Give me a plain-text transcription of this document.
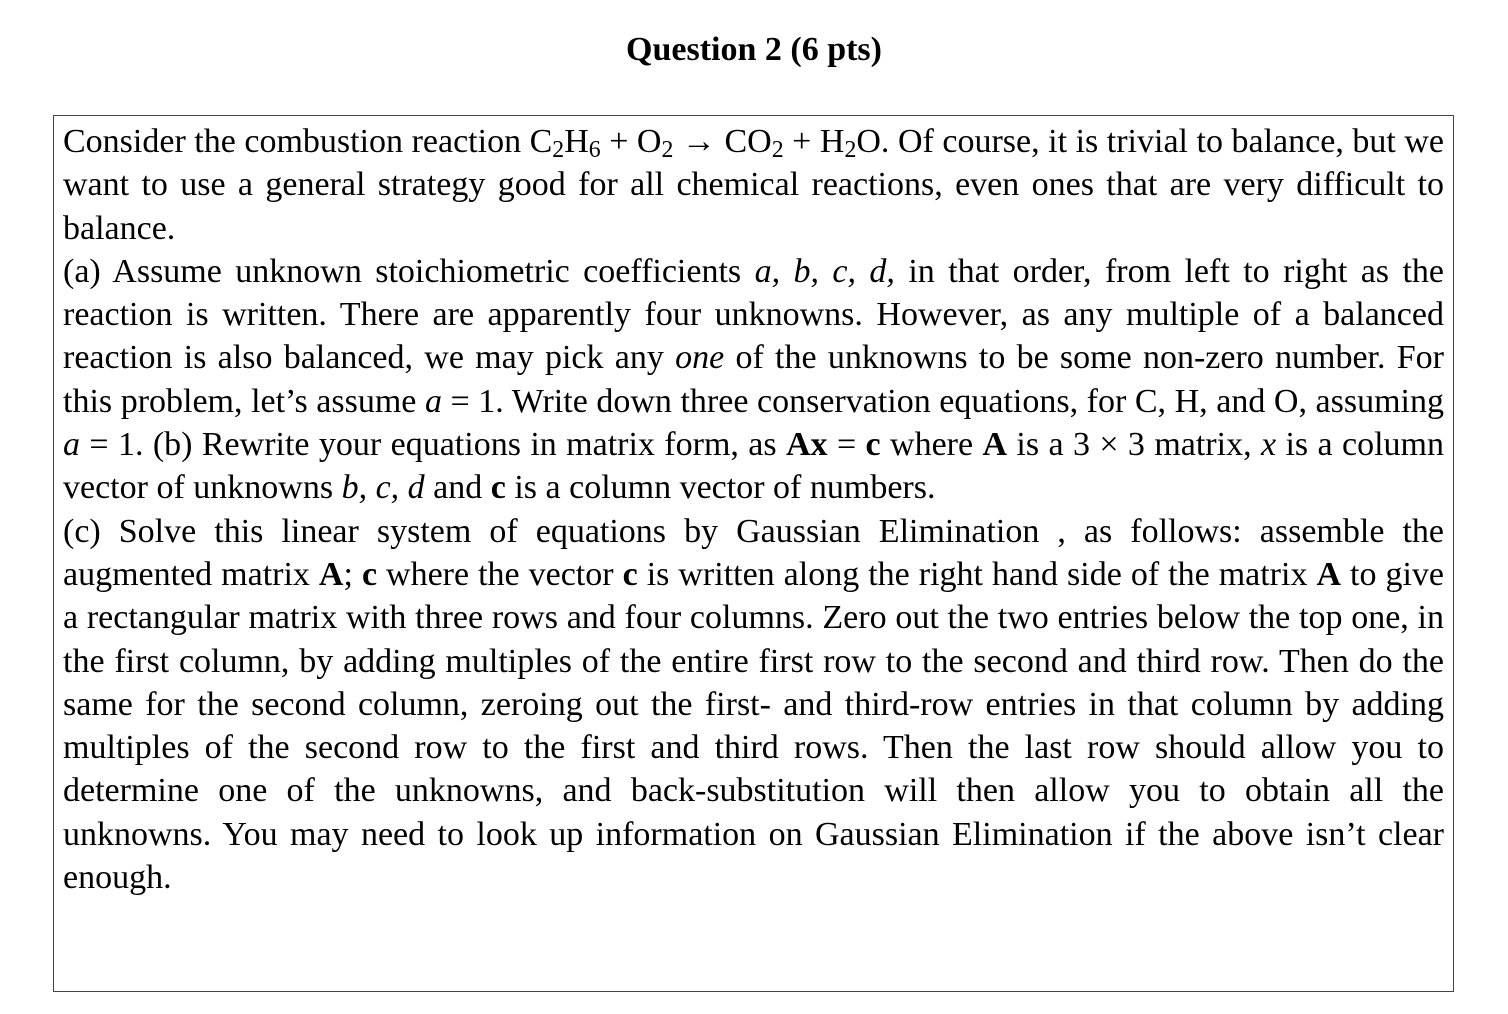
Question 2 (6 pts)

Consider the combustion reaction $C_2H_6 + O_2 \to CO_2 + H_2O$. Of course, it is trivial to balance, but we want to use a general strategy good for all chemical reactions, even ones that are very difficult to balance.

(a) Assume unknown stoichiometric coefficients a, b, c, d, in that order, from left to right as the reaction is written. There are apparently four unknowns. However, as any multiple of a balanced reaction is also balanced, we may pick any one of the unknowns to be some non-zero number. For this problem, let’s assume a = 1. Write down three conservation equations, for C, H, and O, assuming a = 1. (b) Rewrite your equations in matrix form, as Ax = c where A is a 3 × 3 matrix, x is a column vector of unknowns b, c, d and c is a column vector of numbers.

(c) Solve this linear system of equations by Gaussian Elimination , as follows: assemble the augmented matrix A; c where the vector c is written along the right hand side of the matrix A to give a rectangular matrix with three rows and four columns. Zero out the two entries below the top one, in the first column, by adding multiples of the entire first row to the second and third row. Then do the same for the second column, zeroing out the first- and third-row entries in that column by adding multiples of the second row to the first and third rows. Then the last row should allow you to determine one of the unknowns, and back-substitution will then allow you to obtain all the unknowns. You may need to look up information on Gaussian Elimination if the above isn’t clear enough.
